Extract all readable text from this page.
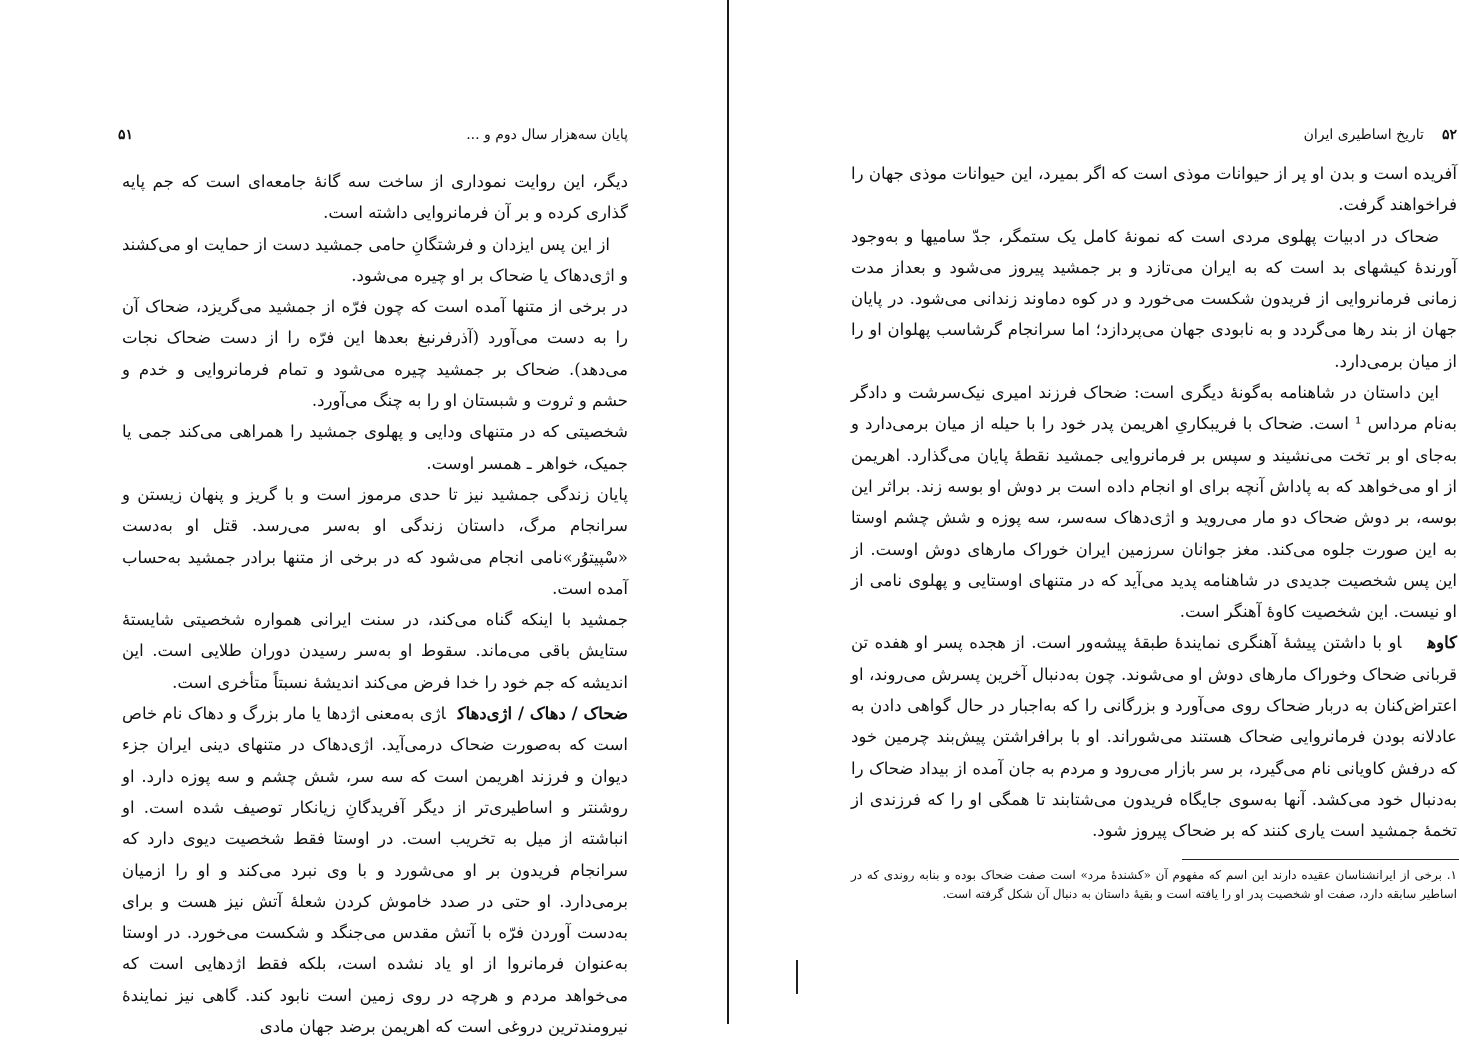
پایان سه‌هزار سال دوم و ...
۵۱

دیگر، این روایت نموداری از ساخت سه گانهٔ جامعه‌ای است که جم پایه گذاری کرده و بر آن فرمانروایی داشته است.

از این پس ایزدان و فرشتگانِ حامی جمشید دست از حمایت او می‌کشند و اژی‌دهاک یا ضحاک بر او چیره می‌شود.

در برخی از متنها آمده است که چون فرّه از جمشید می‌گریزد، ضحاک آن را به دست می‌آورد (آذرفرنبغ بعدها این فرّه را از دست ضحاک نجات می‌دهد). ضحاک بر جمشید چیره می‌شود و تمام فرمانروایی و خدم و حشم و ثروت و شبستان او را به چنگ می‌آورد.

شخصیتی که در متنهای ودایی و پهلوی جمشید را همراهی می‌کند جمی یا جمیک، خواهر ـ همسر اوست.

پایان زندگی جمشید نیز تا حدی مرموز است و با گریز و پنهان زیستن و سرانجام مرگ، داستان زندگی او به‌سر می‌رسد. قتل او به‌دست «سْپیتوُر»نامی انجام می‌شود که در برخی از متنها برادر جمشید به‌حساب آمده است.

جمشید با اینکه گناه می‌کند، در سنت ایرانی همواره شخصیتی شایستهٔ ستایش باقی می‌ماند. سقوط او به‌سر رسیدن دوران طلایی است. این اندیشه که جم خود را خدا فرض می‌کند اندیشهٔ نسبتاً متأخری است.

ضحاک / دهاک / اژی‌دهاکاژی به‌معنی اژدها یا مار بزرگ و دهاک نام خاص است که به‌صورت ضحاک درمی‌آید. اژی‌دهاک در متنهای دینی ایران جزء دیوان و فرزند اهریمن است که سه سر، شش چشم و سه پوزه دارد. او روشنتر و اساطیری‌تر از دیگر آفریدگانِ زیانکار توصیف شده است. او انباشته از میل به تخریب است. در اوستا فقط شخصیت دیوی دارد که سرانجام فریدون بر او می‌شورد و با وی نبرد می‌کند و او را ازمیان برمی‌دارد. او حتی در صدد خاموش کردن شعلهٔ آتش نیز هست و برای به‌دست آوردن فرّه با آتش مقدس می‌جنگد و شکست می‌خورد. در اوستا به‌عنوان فرمانروا از او یاد نشده است، بلکه فقط اژدهایی است که می‌خواهد مردم و هرچه در روی زمین است نابود کند. گاهی نیز نمایندهٔ نیرومندترین دروغی است که اهریمن برضد جهان مادی

۵۲
تاریخ اساطیری ایران

آفریده است و بدن او پر از حیوانات موذی است که اگر بمیرد، این حیوانات موذی جهان را فراخواهند گرفت.

ضحاک در ادبیات پهلوی مردی است که نمونهٔ کامل یک ستمگر، جدّ سامیها و به‌وجود آورندهٔ کیشهای بد است که به ایران می‌تازد و بر جمشید پیروز می‌شود و بعداز مدت زمانی فرمانروایی از فریدون شکست می‌خورد و در کوه دماوند زندانی می‌شود. در پایان جهان از بند رها می‌گردد و به نابودی جهان می‌پردازد؛ اما سرانجام گرشاسب پهلوان او را از میان برمی‌دارد.

این داستان در شاهنامه به‌گونهٔ دیگری است: ضحاک فرزند امیری نیک‌سرشت و دادگر به‌نام مرداس ¹ است. ضحاک با فریبکاریِ اهریمن پدر خود را با حیله از میان برمی‌دارد و به‌جای او بر تخت می‌نشیند و سپس بر فرمانروایی جمشید نقطهٔ پایان می‌گذارد. اهریمن از او می‌خواهد که به پاداش آنچه برای او انجام داده است بر دوش او بوسه زند. براثر این بوسه، بر دوش ضحاک دو مار می‌روید و اژی‌دهاک سه‌سر، سه پوزه و شش چشم اوستا به این صورت جلوه می‌کند. مغز جوانان سرزمین ایران خوراک مارهای دوش اوست. از این پس شخصیت جدیدی در شاهنامه پدید می‌آید که در متنهای اوستایی و پهلوی نامی از او نیست. این شخصیت کاوهٔ آهنگر است.

کاوهاو با داشتن پیشهٔ آهنگری نمایندهٔ طبقهٔ پیشه‌ور است. از هجده پسر او هفده تن قربانی ضحاک وخوراک مارهای دوش او می‌شوند. چون به‌دنبال آخرین پسرش می‌روند، او اعتراض‌کنان به دربار ضحاک روی می‌آورد و بزرگانی را که به‌اجبار در حال گواهی دادن به عادلانه بودن فرمانروایی ضحاک هستند می‌شوراند. او با برافراشتن پیش‌بند چرمین خود که درفش کاویانی نام می‌گیرد، بر سر بازار می‌رود و مردم به جان آمده از بیداد ضحاک را به‌دنبال خود می‌کشد. آنها به‌سوی جایگاه فریدون می‌شتابند تا همگی او را که فرزندی از تخمهٔ جمشید است یاری کنند که بر ضحاک پیروز شود.

۱. برخی از ایرانشناسان عقیده دارند این اسم که مفهوم آن «کشندهٔ مرد» است صفت ضحاک بوده و بنابه روندی که در اساطیر سابقه دارد، صفت او شخصیت پدر او را یافته است و بقیهٔ داستان به دنبال آن شکل گرفته است.
